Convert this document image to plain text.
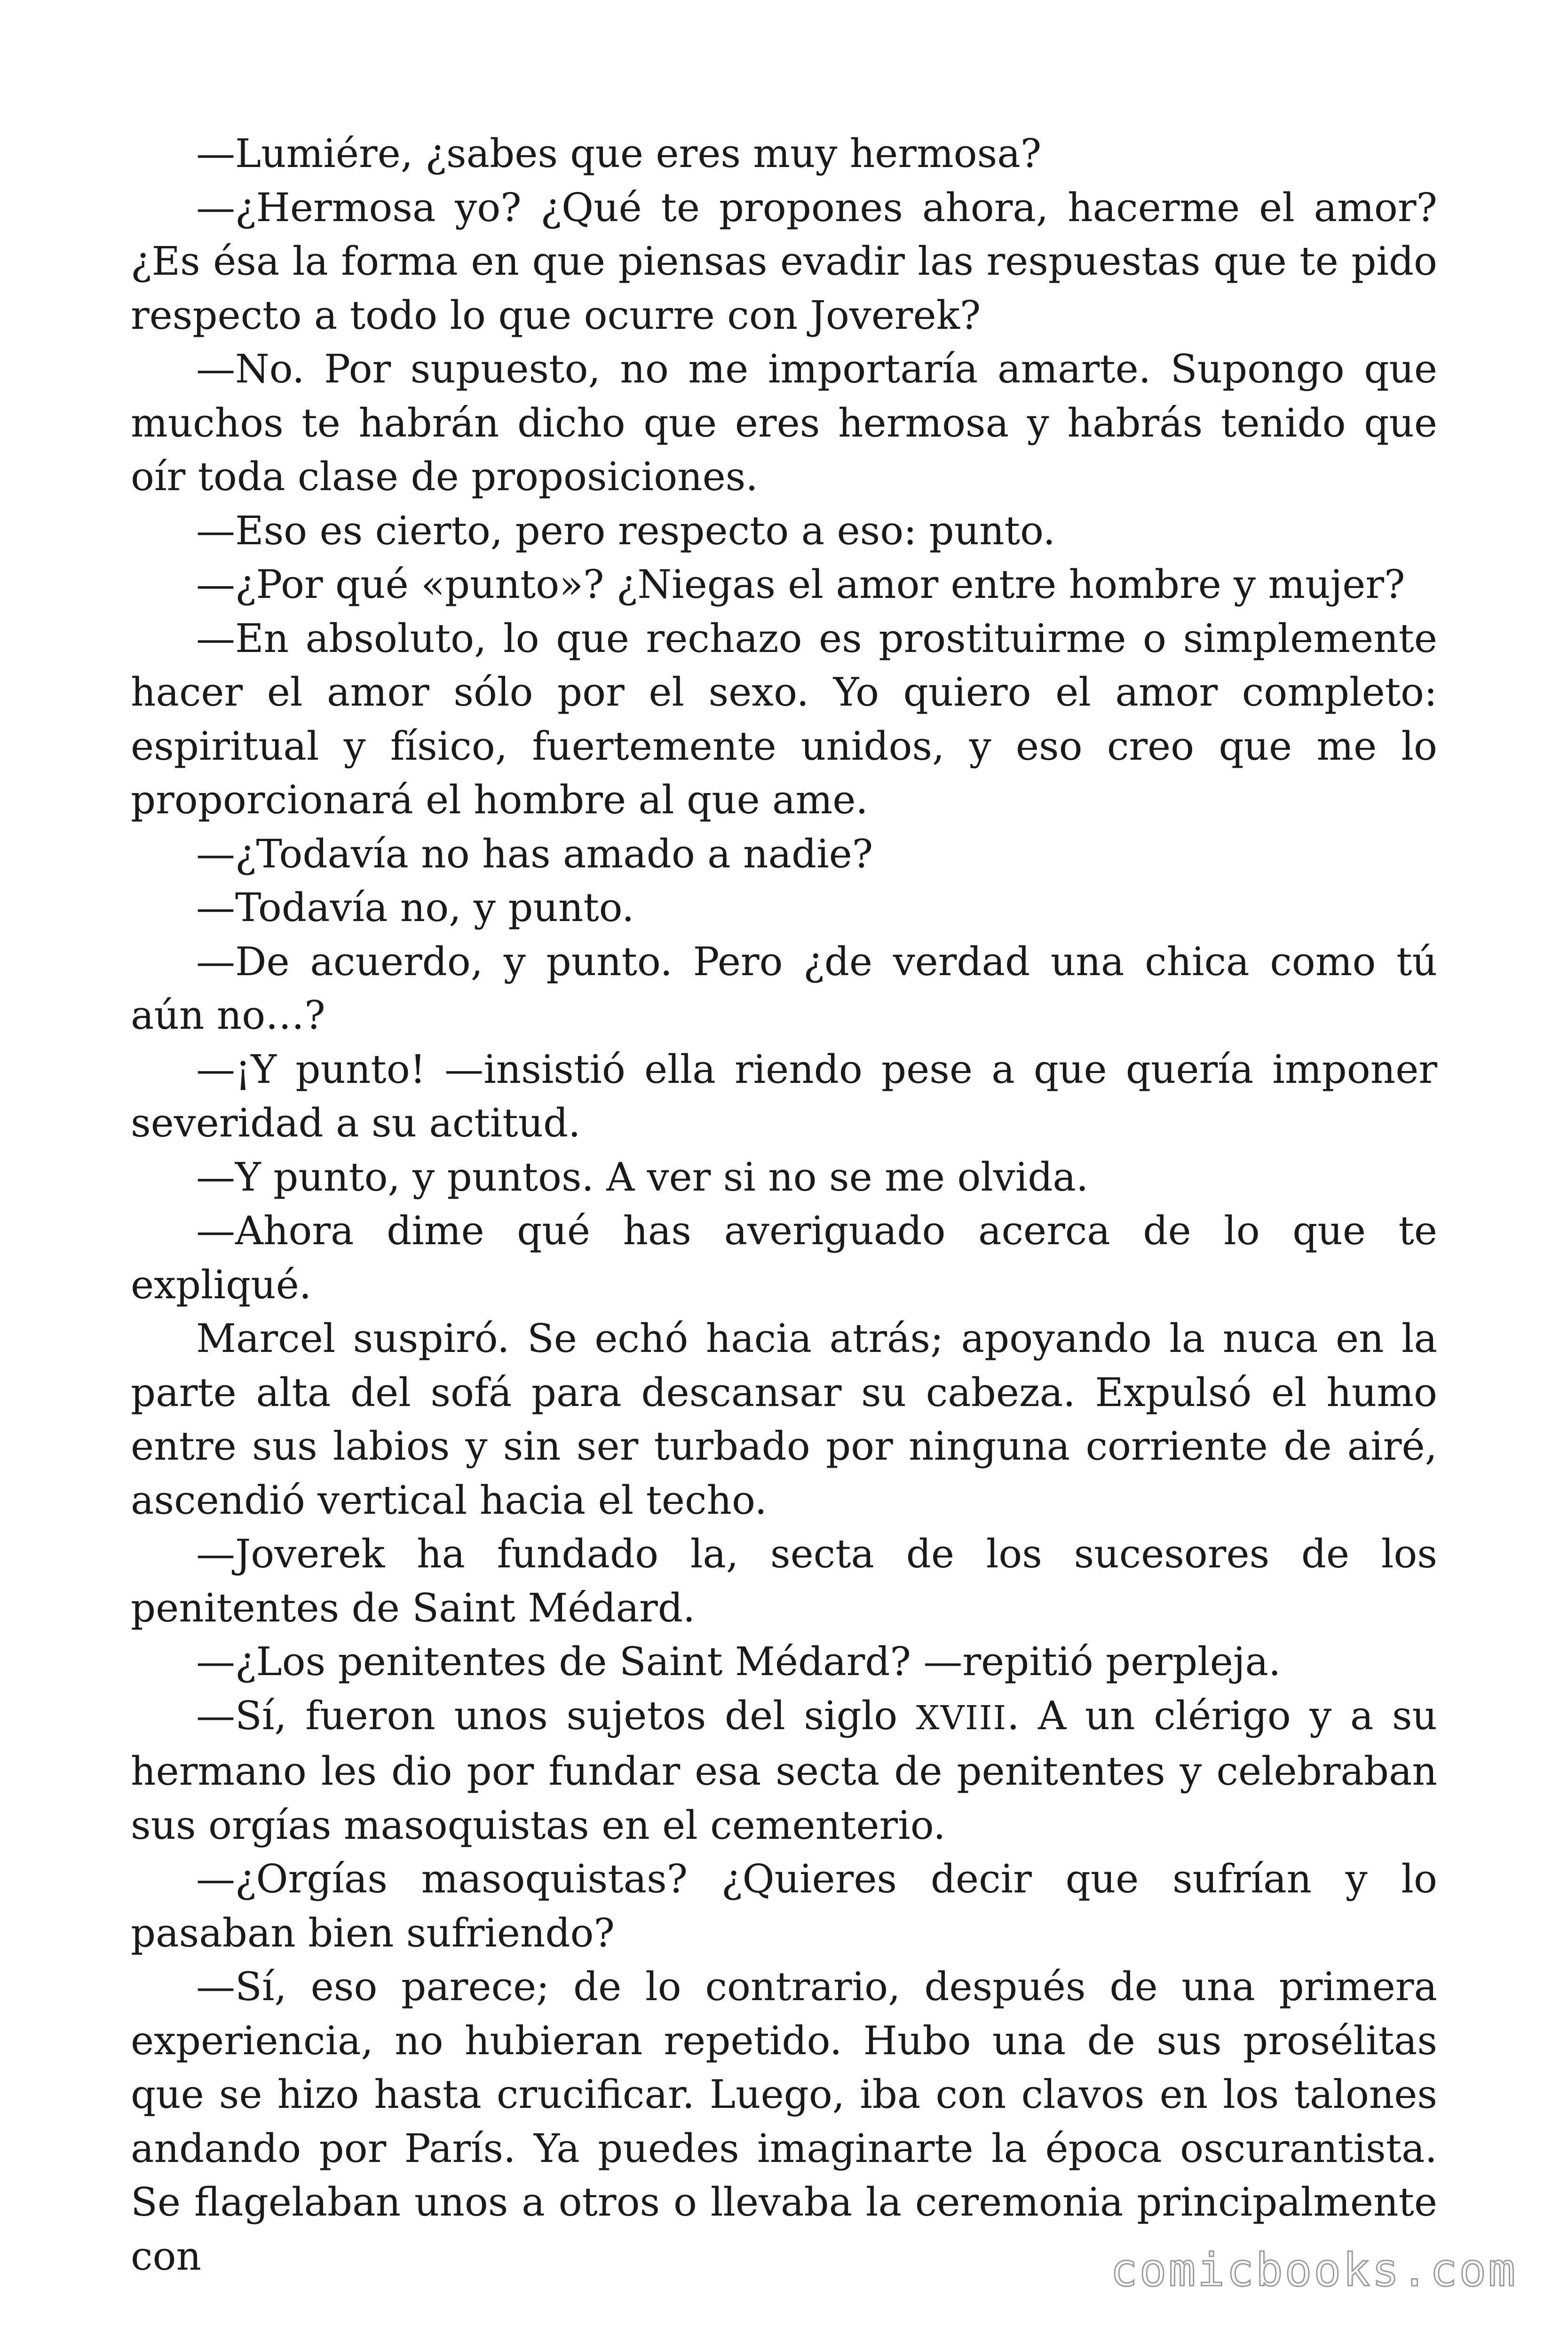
—Lumiére, ¿sabes que eres muy hermosa?

—¿Hermosa yo? ¿Qué te propones ahora, hacerme el amor? ¿Es ésa la forma en que piensas evadir las respuestas que te pido respecto a todo lo que ocurre con Joverek?

—No. Por supuesto, no me importaría amarte. Supongo que muchos te habrán dicho que eres hermosa y habrás tenido que oír toda clase de proposiciones.

—Eso es cierto, pero respecto a eso: punto.

—¿Por qué «punto»? ¿Niegas el amor entre hombre y mujer?

—En absoluto, lo que rechazo es prostituirme o simplemente hacer el amor sólo por el sexo. Yo quiero el amor completo: espiritual y físico, fuertemente unidos, y eso creo que me lo proporcionará el hombre al que ame.

—¿Todavía no has amado a nadie?

—Todavía no, y punto.

—De acuerdo, y punto. Pero ¿de verdad una chica como tú aún no…?

—¡Y punto! —insistió ella riendo pese a que quería imponer severidad a su actitud.

—Y punto, y puntos. A ver si no se me olvida.

—Ahora dime qué has averiguado acerca de lo que te expliqué.

Marcel suspiró. Se echó hacia atrás; apoyando la nuca en la parte alta del sofá para descansar su cabeza. Expulsó el humo entre sus labios y sin ser turbado por ninguna corriente de airé, ascendió vertical hacia el techo.

—Joverek ha fundado la, secta de los sucesores de los penitentes de Saint Médard.

—¿Los penitentes de Saint Médard? —repitió perpleja.

—Sí, fueron unos sujetos del siglo XVIII. A un clérigo y a su hermano les dio por fundar esa secta de penitentes y celebraban sus orgías masoquistas en el cementerio.

—¿Orgías masoquistas? ¿Quieres decir que sufrían y lo pasaban bien sufriendo?

—Sí, eso parece; de lo contrario, después de una primera experiencia, no hubieran repetido. Hubo una de sus prosélitas que se hizo hasta crucificar. Luego, iba con clavos en los talones andando por París. Ya puedes imaginarte la época oscurantista. Se flagelaban unos a otros o llevaba la ceremonia principalmente con	comicbooks.com
